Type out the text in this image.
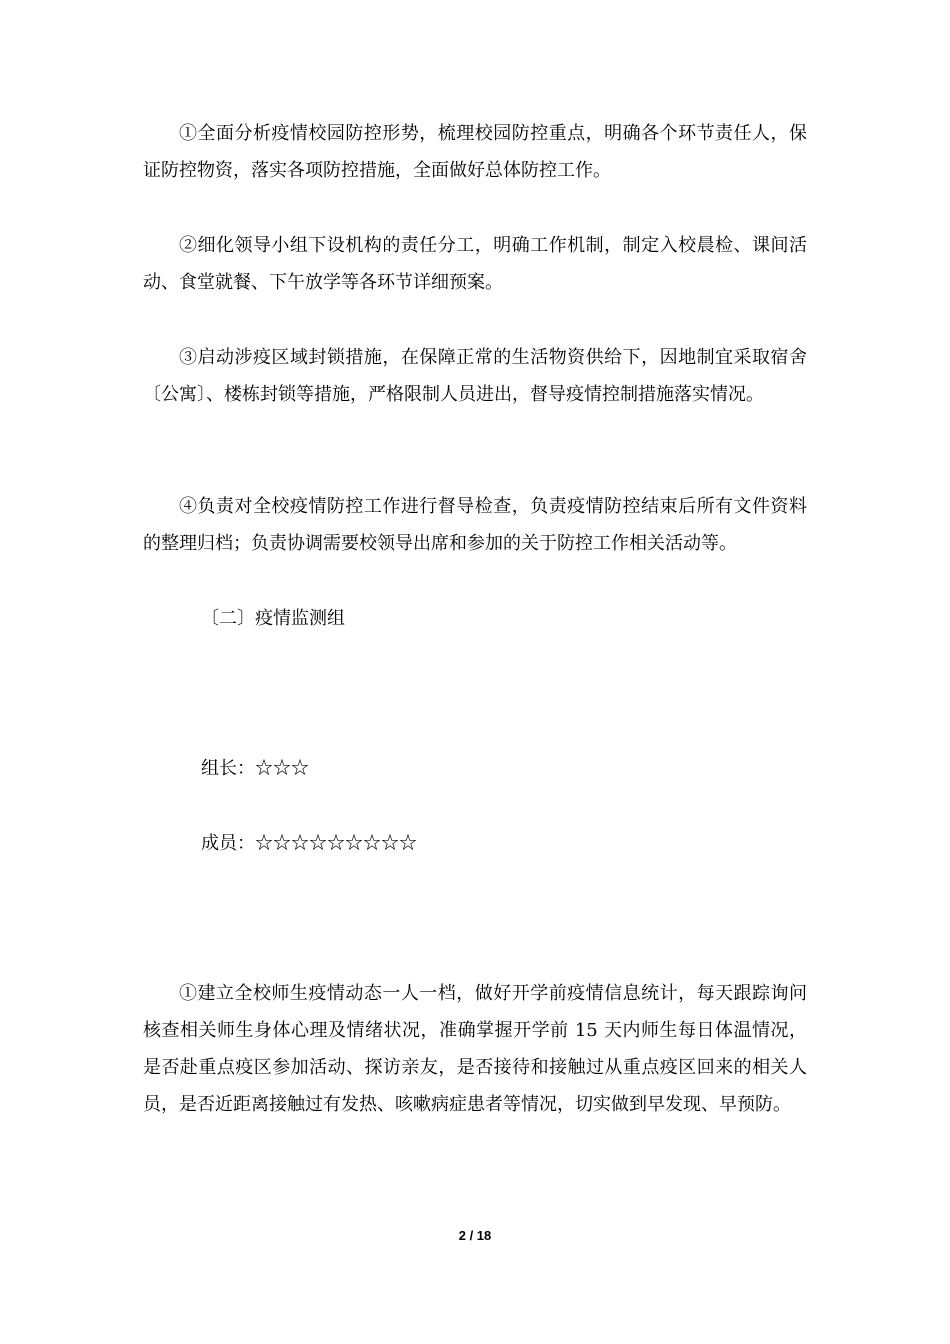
①全面分析疫情校园防控形势，梳理校园防控重点，明确各个环节责任人，保证防控物资，落实各项防控措施，全面做好总体防控工作。

②细化领导小组下设机构的责任分工，明确工作机制，制定入校晨检、课间活动、食堂就餐、下午放学等各环节详细预案。

③启动涉疫区域封锁措施，在保障正常的生活物资供给下，因地制宜采取宿舍〔公寓〕、楼栋封锁等措施，严格限制人员进出，督导疫情控制措施落实情况。

④负责对全校疫情防控工作进行督导检查，负责疫情防控结束后所有文件资料的整理归档；负责协调需要校领导出席和参加的关于防控工作相关活动等。

〔二〕疫情监测组

组长：☆☆☆

成员：☆☆☆☆☆☆☆☆☆

①建立全校师生疫情动态一人一档，做好开学前疫情信息统计，每天跟踪询问核查相关师生身体心理及情绪状况，准确掌握开学前 15 天内师生每日体温情况，是否赴重点疫区参加活动、探访亲友，是否接待和接触过从重点疫区回来的相关人员，是否近距离接触过有发热、咳嗽病症患者等情况，切实做到早发现、早预防。

2 / 18
